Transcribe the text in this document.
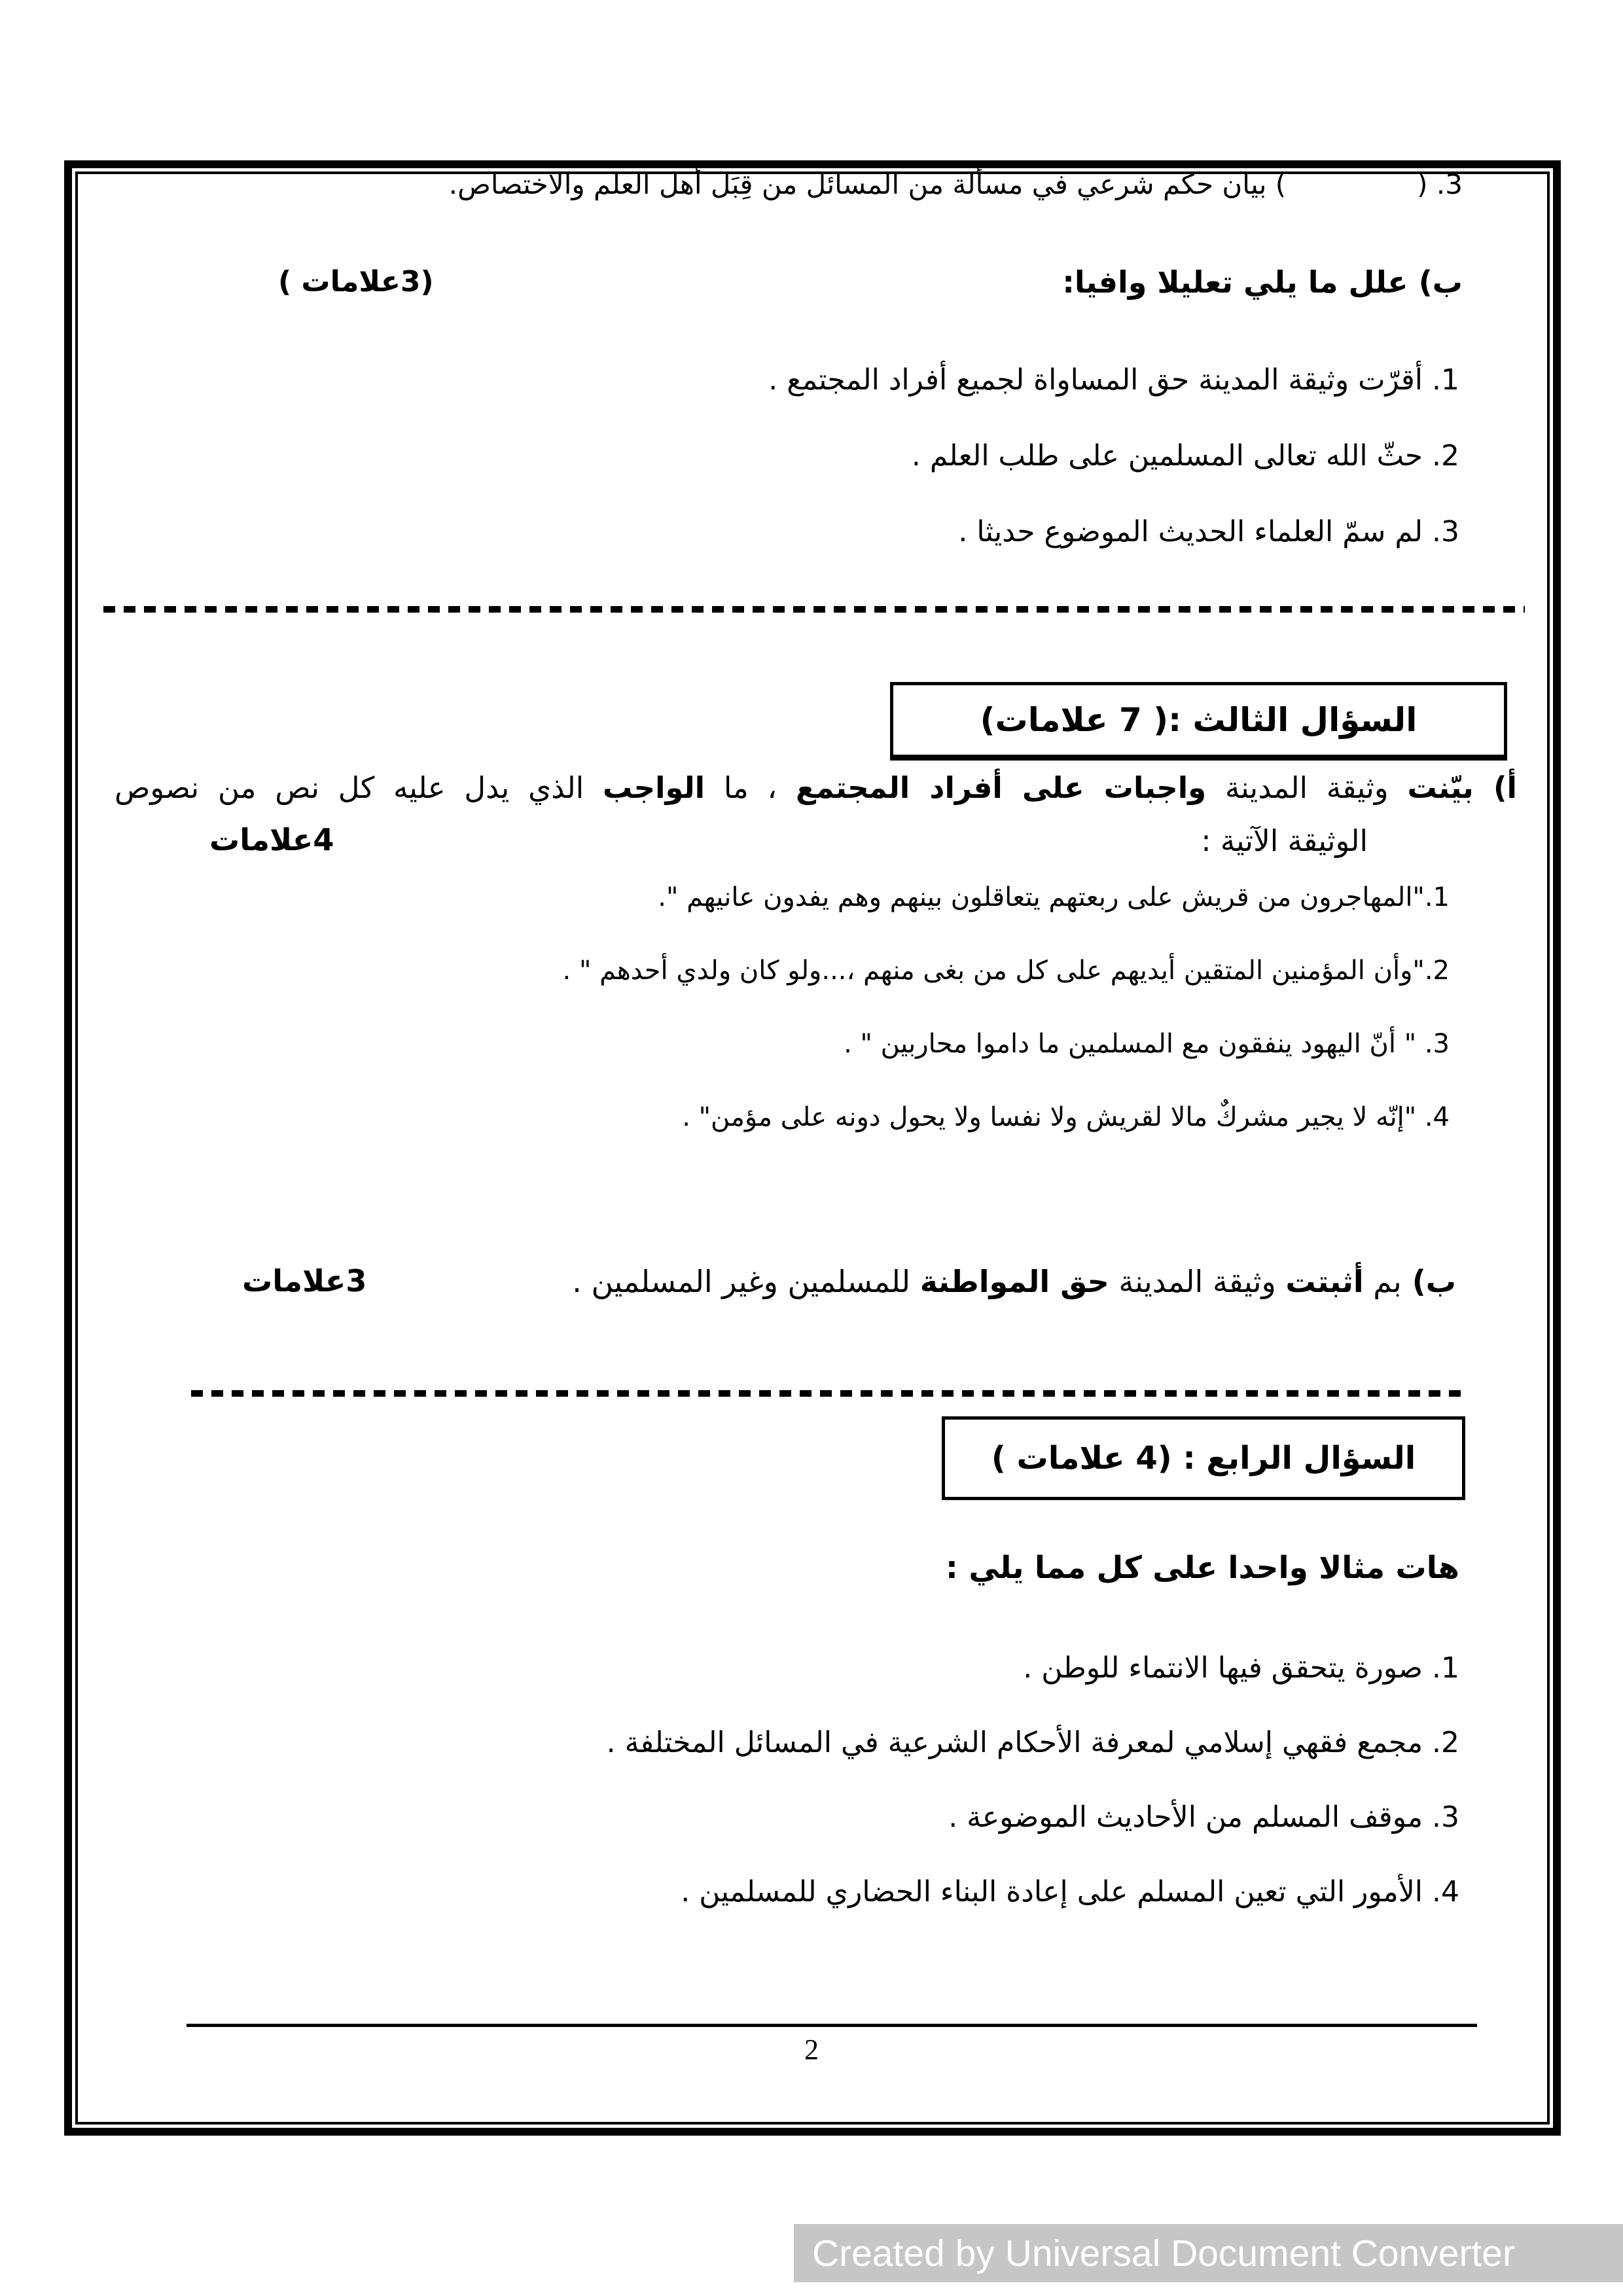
3. () بيان حكم شرعي في مسألة من المسائل من قِبَل أهل العلم والاختصاص.
ب) علل ما يلي تعليلا وافيا:
(3علامات )
1. أقرّت وثيقة المدينة حق المساواة لجميع أفراد المجتمع .
2. حثّ الله تعالى المسلمين على طلب العلم .
3. لم سمّ العلماء الحديث الموضوع حديثا .
السؤال الثالث :( 7 علامات)
أ) بيّنت وثيقة المدينة واجبات على أفراد المجتمع ، ما الواجب الذي يدل عليه كل نص من نصوص
الوثيقة الآتية :
4علامات
1."المهاجرون من قريش على ربعتهم يتعاقلون بينهم وهم يفدون عانيهم ".
2."وأن المؤمنين المتقين أيديهم على كل من بغى منهم ،...ولو كان ولدي أحدهم " .
3. " أنّ اليهود ينفقون مع المسلمين ما داموا محاربين " .
4. "إنّه لا يجير مشركٌ مالا لقريش ولا نفسا ولا يحول دونه على مؤمن" .
ب) بم أثبتت وثيقة المدينة حق المواطنة للمسلمين وغير المسلمين .
3علامات
السؤال الرابع : (4 علامات )
هات مثالا واحدا على كل مما يلي :
1. صورة يتحقق فيها الانتماء للوطن .
2. مجمع فقهي إسلامي لمعرفة الأحكام الشرعية في المسائل المختلفة .
3. موقف المسلم من الأحاديث الموضوعة .
4. الأمور التي تعين المسلم على إعادة البناء الحضاري للمسلمين .
2
Created by Universal Document Converter
